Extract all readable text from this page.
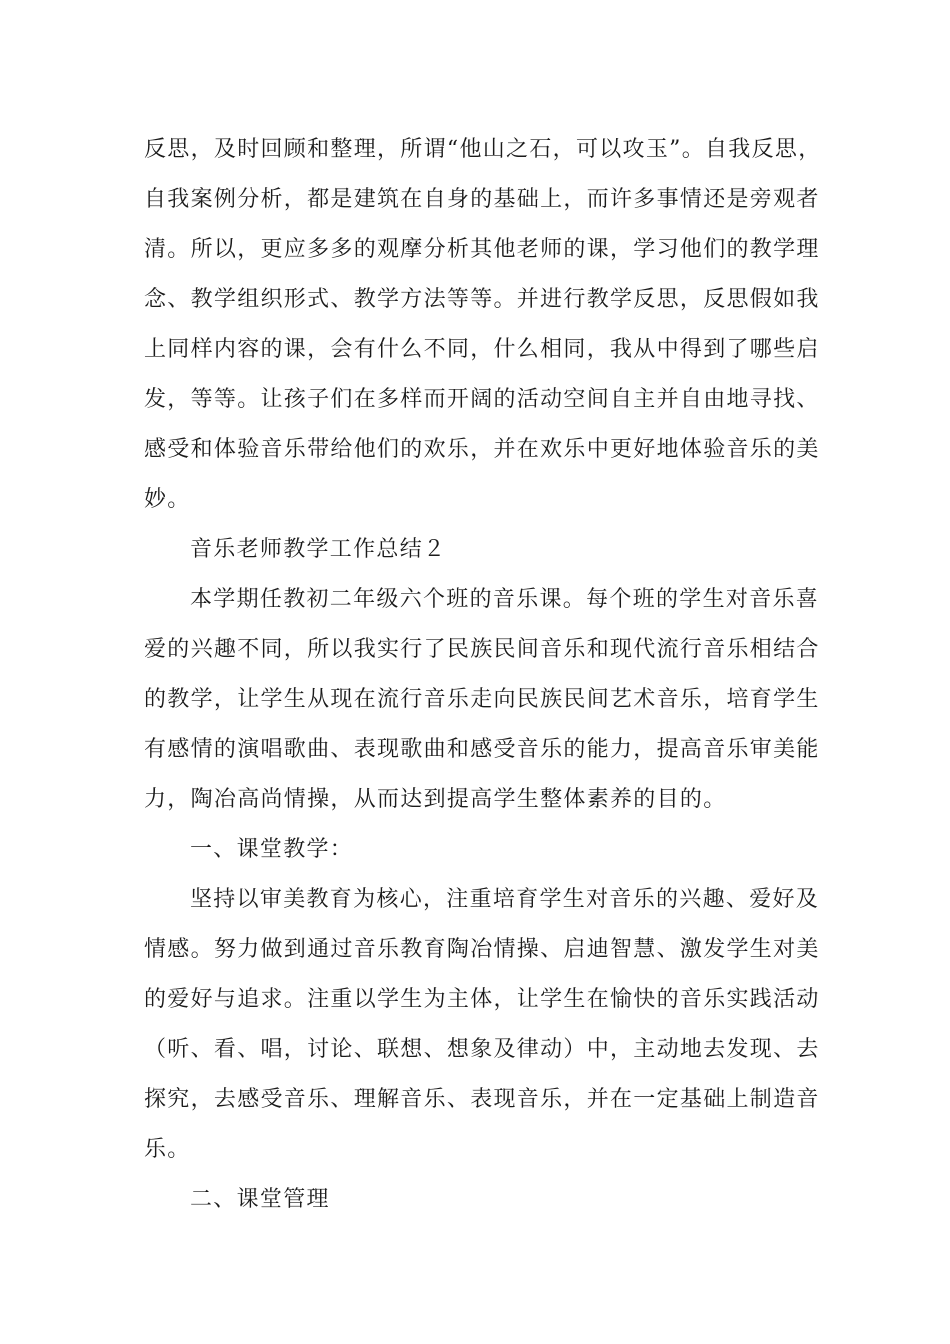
反思，及时回顾和整理，所谓“他山之石，可以攻玉”。自我反思，
自我案例分析，都是建筑在自身的基础上，而许多事情还是旁观者
清。所以，更应多多的观摩分析其他老师的课，学习他们的教学理
念、教学组织形式、教学方法等等。并进行教学反思，反思假如我
上同样内容的课，会有什么不同，什么相同，我从中得到了哪些启
发，等等。让孩子们在多样而开阔的活动空间自主并自由地寻找、
感受和体验音乐带给他们的欢乐，并在欢乐中更好地体验音乐的美
妙。
音乐老师教学工作总结２
本学期任教初二年级六个班的音乐课。每个班的学生对音乐喜
爱的兴趣不同，所以我实行了民族民间音乐和现代流行音乐相结合
的教学，让学生从现在流行音乐走向民族民间艺术音乐，培育学生
有感情的演唱歌曲、表现歌曲和感受音乐的能力，提高音乐审美能
力，陶冶高尚情操，从而达到提高学生整体素养的目的。
一、课堂教学：
坚持以审美教育为核心，注重培育学生对音乐的兴趣、爱好及
情感。努力做到通过音乐教育陶冶情操、启迪智慧、激发学生对美
的爱好与追求。注重以学生为主体，让学生在愉快的音乐实践活动
（听、看、唱，讨论、联想、想象及律动）中，主动地去发现、去
探究，去感受音乐、理解音乐、表现音乐，并在一定基础上制造音
乐。
二、课堂管理
